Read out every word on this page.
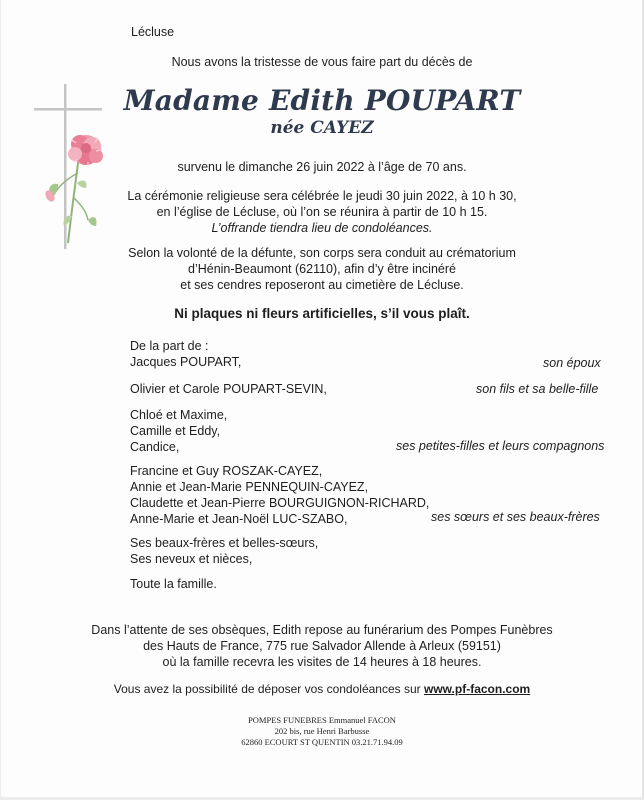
Lécluse
Nous avons la tristesse de vous faire part du décès de
Madame Edith POUPART
née CAYEZ
survenu le dimanche 26 juin 2022 à l’âge de 70 ans.
La cérémonie religieuse sera célébrée le jeudi 30 juin 2022, à 10 h 30,
en l’église de Lécluse, où l’on se réunira à partir de 10 h 15.
L’offrande tiendra lieu de condoléances.
Selon la volonté de la défunte, son corps sera conduit au crématorium
d’Hénin-Beaumont (62110), afin d’y être incinéré
et ses cendres reposeront au cimetière de Lécluse.
Ni plaques ni fleurs artificielles, s’il vous plaît.
De la part de :
Jacques POUPART,	son époux
Olivier et Carole POUPART-SEVIN,	son fils et sa belle-fille
Chloé et Maxime,
Camille et Eddy,
Candice,	ses petites-filles et leurs compagnons
Francine et Guy ROSZAK-CAYEZ,
Annie et Jean-Marie PENNEQUIN-CAYEZ,
Claudette et Jean-Pierre BOURGUIGNON-RICHARD,
Anne-Marie et Jean-Noël LUC-SZABO,	ses sœurs et ses beaux-frères
Ses beaux-frères et belles-sœurs,
Ses neveux et nièces,
Toute la famille.
Dans l’attente de ses obsèques, Edith repose au funérarium des Pompes Funèbres
des Hauts de France, 775 rue Salvador Allende à Arleux (59151)
où la famille recevra les visites de 14 heures à 18 heures.
Vous avez la possibilité de déposer vos condoléances sur www.pf-facon.com
POMPES FUNEBRES Emmanuel FACON
202 bis, rue Henri Barbusse
62860 ECOURT ST QUENTIN 03.21.71.94.09
